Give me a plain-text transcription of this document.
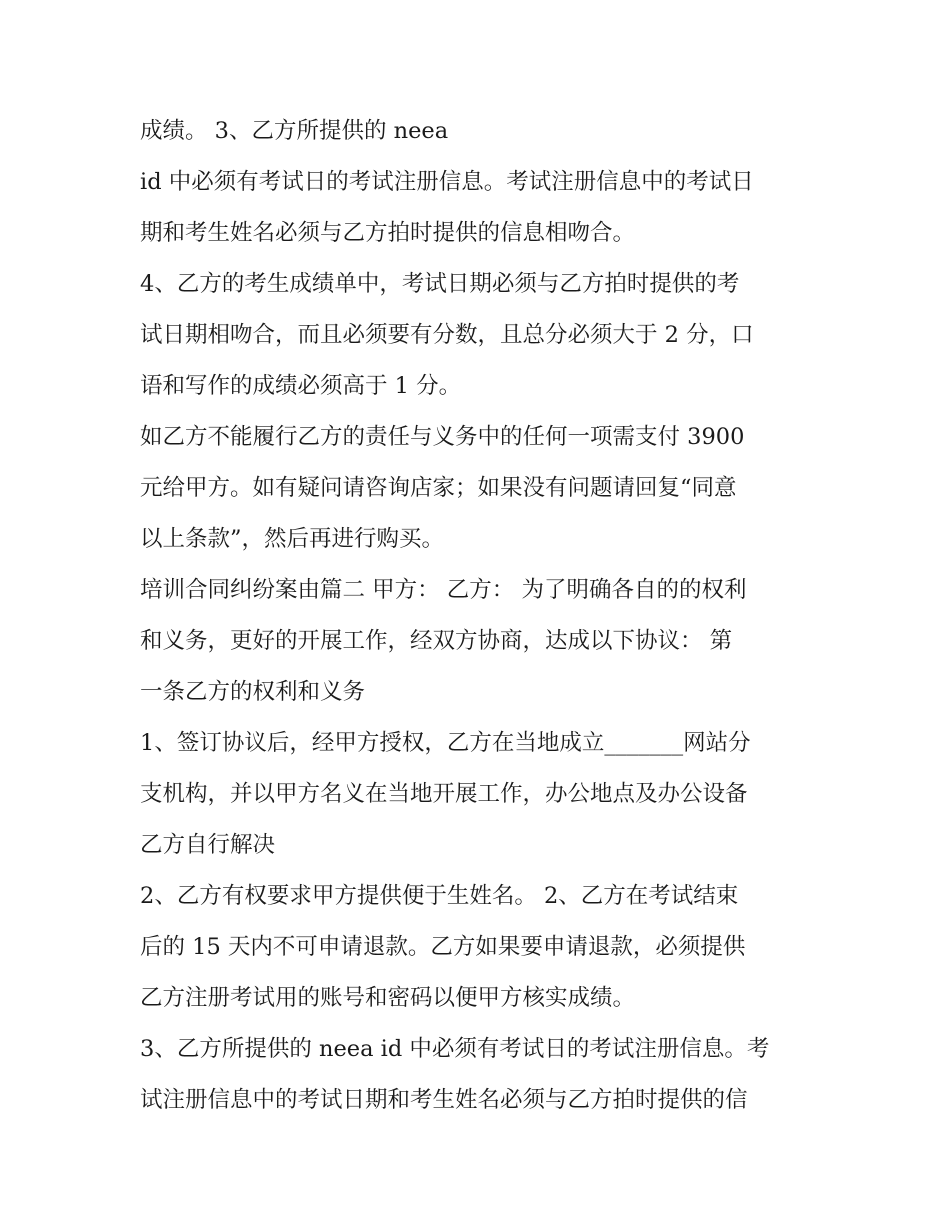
成绩。 3、乙方所提供的 neea

id 中必须有考试日的考试注册信息。考试注册信息中的考试日

期和考生姓名必须与乙方拍时提供的信息相吻合。

4、乙方的考生成绩单中，考试日期必须与乙方拍时提供的考

试日期相吻合，而且必须要有分数，且总分必须大于 2 分，口

语和写作的成绩必须高于 1 分。

如乙方不能履行乙方的责任与义务中的任何一项需支付 3900

元给甲方。如有疑问请咨询店家；如果没有问题请回复“同意

以上条款”，然后再进行购买。

培训合同纠纷案由篇二 甲方： 乙方： 为了明确各自的的权利

和义务，更好的开展工作，经双方协商，达成以下协议： 第

一条乙方的权利和义务

1、签订协议后，经甲方授权，乙方在当地成立_______网站分

支机构，并以甲方名义在当地开展工作，办公地点及办公设备

乙方自行解决

2、乙方有权要求甲方提供便于生姓名。 2、乙方在考试结束

后的 15 天内不可申请退款。乙方如果要申请退款，必须提供

乙方注册考试用的账号和密码以便甲方核实成绩。

3、乙方所提供的 neea id 中必须有考试日的考试注册信息。考

试注册信息中的考试日期和考生姓名必须与乙方拍时提供的信
